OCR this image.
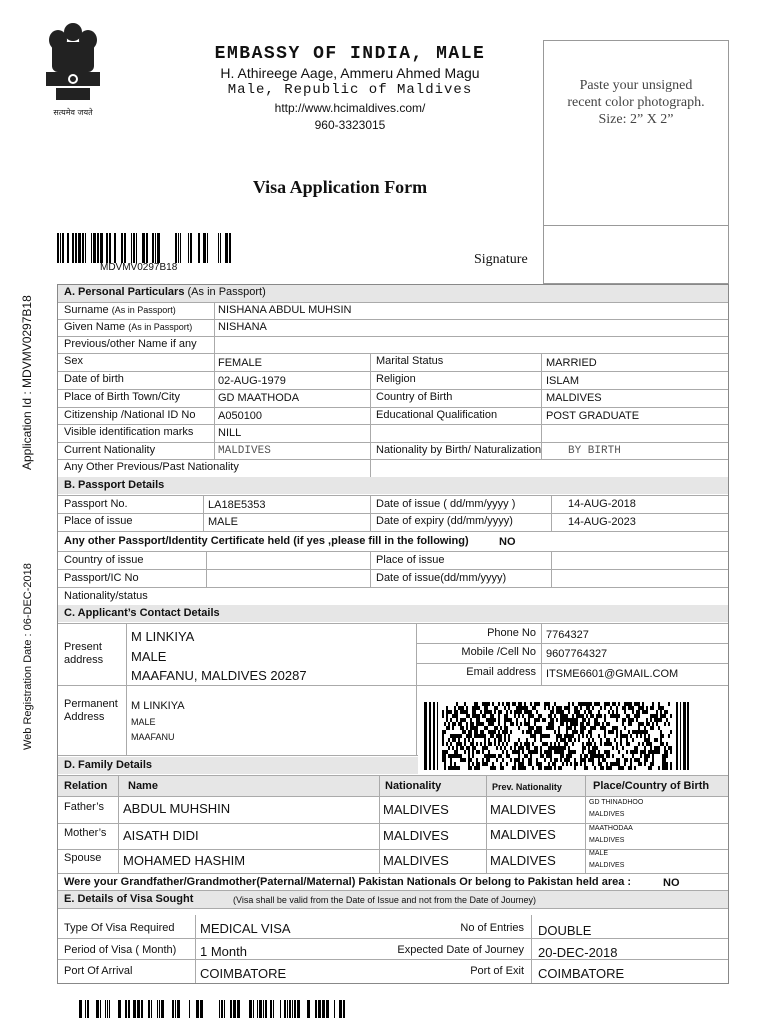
सत्यमेव जयते
EMBASSY OF INDIA, MALE
H. Athireege Aage, Ammeru Ahmed Magu
Male, Republic of Maldives
http://www.hcimaldives.com/
960-3323015
Visa Application Form
Paste your unsigned
recent color photograph.
Size: 2” X 2”
Signature
MDVMV0297B18
Application Id : MDVMV0297B18
Web Registration Date : 06-DEC-2018
A. Personal Particulars (As in Passport)
Surname (As in Passport)	NISHANA ABDUL MUHSIN
Given Name (As in Passport) NISHANA
Previous/other Name if any
Sex	FEMALE	Marital Status	MARRIED
Date of birth	02-AUG-1979	Religion	ISLAM
Place of Birth Town/City	GD MAATHODA	Country of Birth	MALDIVES
Citizenship /National ID No A050100	Educational Qualification	POST GRADUATE
Visible identification marks NILL
Current Nationality	MALDIVES	Nationality by Birth/ Naturalization BY BIRTH
Any Other Previous/Past Nationality
B. Passport Details
Passport No.	LA18E5353	Date of issue ( dd/mm/yyyy )	14-AUG-2018
Place of issue	MALE	Date of expiry (dd/mm/yyyy)	14-AUG-2023
Any other Passport/Identity Certificate held (if yes ,please fill in the following)	NO
Country of issue	Place of issue
Passport/IC No	Date of issue(dd/mm/yyyy)
Nationality/status
C. Applicant’s Contact Details
Present
address
M LINKIYA
MALE
MAAFANU, MALDIVES 20287
Phone No 7764327
Mobile /Cell No 9607764327
Email address ITSME6601@GMAIL.COM
Permanent
Address
M LINKIYA
MALE
MAAFANU
D. Family Details
Relation Name	Nationality	Prev. Nationality	Place/Country of Birth
Father’s ABDUL MUHSHIN	MALDIVES	MALDIVES	GD THINADHOO
MALDIVES
Mother’s AISATH DIDI	MALDIVES	MALDIVES	MAATHODAA
MALDIVES
Spouse MOHAMED HASHIM	MALDIVES	MALDIVES	MALE
MALDIVES
Were your Grandfather/Grandmother(Paternal/Maternal) Pakistan Nationals Or belong to Pakistan held area :	NO
E. Details of Visa Sought	(Visa shall be valid from the Date of Issue and not from the Date of Journey)
Type Of Visa Required MEDICAL VISA	No of Entries DOUBLE
Period of Visa ( Month) 1 Month	Expected Date of Journey 20-DEC-2018
Port Of Arrival	COIMBATORE	Port of Exit COIMBATORE
